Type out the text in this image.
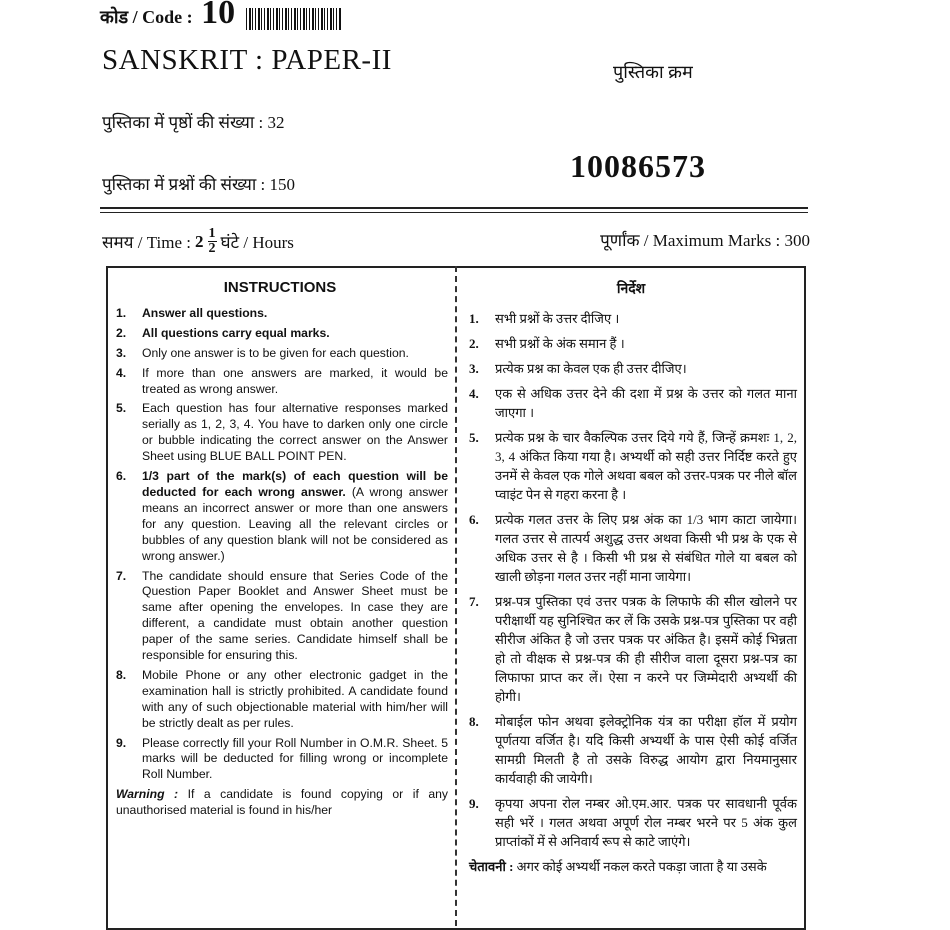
कोड / Code : 10
SANSKRIT : PAPER-II	पुस्तिका क्रम
पुस्तिका में पृष्ठों की संख्या : 32
पुस्तिका में प्रश्नों की संख्या : 150
10086573
समय / Time : $2 \frac{1}{2}$ घंटे / Hours	पूर्णांक / Maximum Marks : 300
INSTRUCTIONS
1.	Answer all questions.
2.	All questions carry equal marks.
3.	Only one answer is to be given for each question.
4.	If more than one answers are marked, it would be treated as wrong answer.
5.	Each question has four alternative responses marked serially as 1, 2, 3, 4. You have to darken only one circle or bubble indicating the correct answer on the Answer Sheet using BLUE BALL POINT PEN.
6.	1/3 part of the mark(s) of each question will be deducted for each wrong answer. (A wrong answer means an incorrect answer or more than one answers for any question. Leaving all the relevant circles or bubbles of any question blank will not be considered as wrong answer.)
7.	The candidate should ensure that Series Code of the Question Paper Booklet and Answer Sheet must be same after opening the envelopes. In case they are different, a candidate must obtain another question paper of the same series. Candidate himself shall be responsible for ensuring this.
8.	Mobile Phone or any other electronic gadget in the examination hall is strictly prohibited. A candidate found with any of such objectionable material with him/her will be strictly dealt as per rules.
9.	Please correctly fill your Roll Number in O.M.R. Sheet. 5 marks will be deducted for filling wrong or incomplete Roll Number.
Warning : If a candidate is found copying or if any unauthorised material is found in his/her
निर्देश
1.	सभी प्रश्नों के उत्तर दीजिए ।
2.	सभी प्रश्नों के अंक समान हैं ।
3.	प्रत्येक प्रश्न का केवल एक ही उत्तर दीजिए।
4.	एक से अधिक उत्तर देने की दशा में प्रश्न के उत्तर को गलत माना जाएगा ।
5.	प्रत्येक प्रश्न के चार वैकल्पिक उत्तर दिये गये हैं, जिन्हें क्रमशः 1, 2, 3, 4 अंकित किया गया है। अभ्यर्थी को सही उत्तर निर्दिष्ट करते हुए उनमें से केवल एक गोले अथवा बबल को उत्तर-पत्रक पर नीले बॉल प्वाइंट पेन से गहरा करना है ।
6.	प्रत्येक गलत उत्तर के लिए प्रश्न अंक का 1/3 भाग काटा जायेगा। गलत उत्तर से तात्पर्य अशुद्ध उत्तर अथवा किसी भी प्रश्न के एक से अधिक उत्तर से है । किसी भी प्रश्न से संबंधित गोले या बबल को खाली छोड़ना गलत उत्तर नहीं माना जायेगा।
7.	प्रश्न-पत्र पुस्तिका एवं उत्तर पत्रक के लिफाफे की सील खोलने पर परीक्षार्थी यह सुनिश्चित कर लें कि उसके प्रश्न-पत्र पुस्तिका पर वही सीरीज अंकित है जो उत्तर पत्रक पर अंकित है। इसमें कोई भिन्नता हो तो वीक्षक से प्रश्न-पत्र की ही सीरीज वाला दूसरा प्रश्न-पत्र का लिफाफा प्राप्त कर लें। ऐसा न करने पर जिम्मेदारी अभ्यर्थी की होगी।
8.	मोबाईल फोन अथवा इलेक्ट्रोनिक यंत्र का परीक्षा हॉल में प्रयोग पूर्णतया वर्जित है। यदि किसी अभ्यर्थी के पास ऐसी कोई वर्जित सामग्री मिलती है तो उसके विरुद्ध आयोग द्वारा नियमानुसार कार्यवाही की जायेगी।
9.	कृपया अपना रोल नम्बर ओ.एम.आर. पत्रक पर सावधानी पूर्वक सही भरें । गलत अथवा अपूर्ण रोल नम्बर भरने पर 5 अंक कुल प्राप्तांकों में से अनिवार्य रूप से काटे जाएंगे।
चेतावनी : अगर कोई अभ्यर्थी नकल करते पकड़ा जाता है या उसके
